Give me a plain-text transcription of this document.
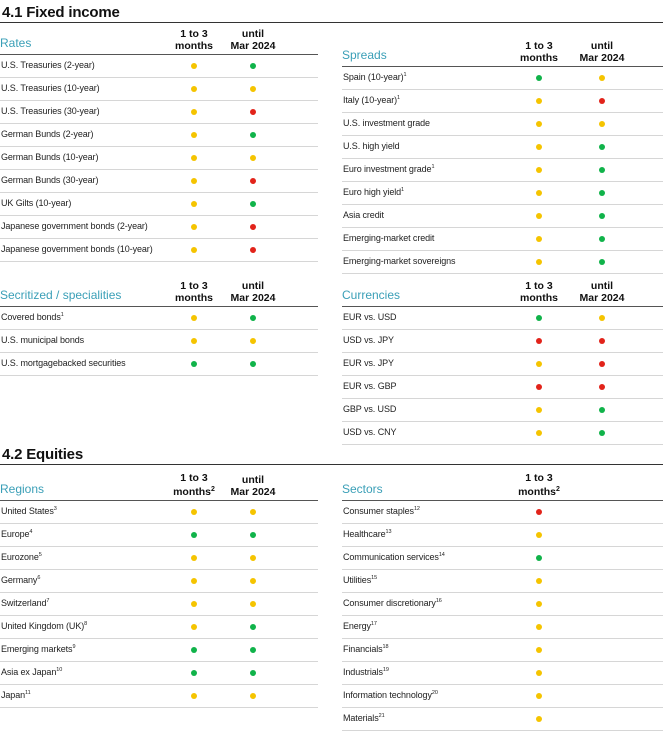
4.1 Fixed income
Rates
1 to 3
months
until
Mar 2024
U.S. Treasuries (2-year)
U.S. Treasuries (10-year)
U.S. Treasuries (30-year)
German Bunds (2-year)
German Bunds (10-year)
German Bunds (30-year)
UK Gilts (10-year)
Japanese government bonds (2-year)
Japanese government bonds (10-year)
Spreads
1 to 3
months
until
Mar 2024
Spain (10-year)$^1$
Italy (10-year)$^1$
U.S. investment grade
U.S. high yield
Euro investment grade$^1$
Euro high yield$^1$
Asia credit
Emerging-market credit
Emerging-market sovereigns
Secritized / specialities
1 to 3
months
until
Mar 2024
Covered bonds$^1$
U.S. municipal bonds
U.S. mortgagebacked securities
Currencies
1 to 3
months
until
Mar 2024
EUR vs. USD
USD vs. JPY
EUR vs. JPY
EUR vs. GBP
GBP vs. USD
USD vs. CNY
4.2 Equities
Regions
1 to 3
months$^2$
until
Mar 2024
United States$^3$
Europe$^4$
Eurozone$^5$
Germany$^6$
Switzerland$^7$
United Kingdom (UK)$^8$
Emerging markets$^9$
Asia ex Japan$^{10}$
Japan$^{11}$
Sectors
1 to 3
months$^2$
Consumer staples$^{12}$
Healthcare$^{13}$
Communication services$^{14}$
Utilities$^{15}$
Consumer discretionary$^{16}$
Energy$^{17}$
Financials$^{18}$
Industrials$^{19}$
Information technology$^{20}$
Materials$^{21}$
